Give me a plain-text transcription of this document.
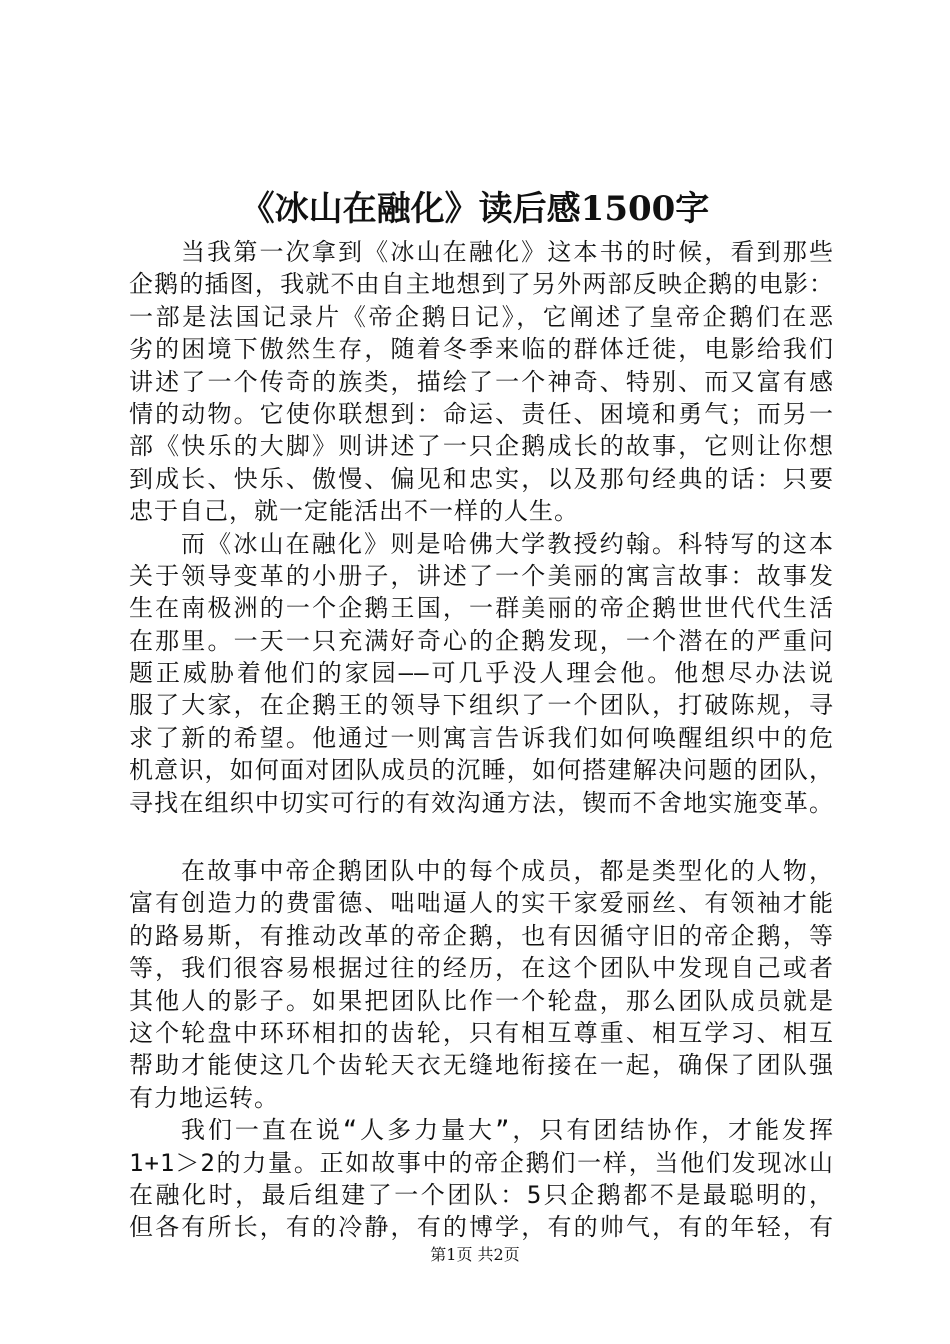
《冰山在融化》读后感1500字
当我第一次拿到《冰山在融化》这本书的时候，看到那些
企鹅的插图，我就不由自主地想到了另外两部反映企鹅的电影：
一部是法国记录片《帝企鹅日记》，它阐述了皇帝企鹅们在恶
劣的困境下傲然生存，随着冬季来临的群体迁徙，电影给我们
讲述了一个传奇的族类，描绘了一个神奇、特别、而又富有感
情的动物。它使你联想到：命运、责任、困境和勇气；而另一
部《快乐的大脚》则讲述了一只企鹅成长的故事，它则让你想
到成长、快乐、傲慢、偏见和忠实，以及那句经典的话：只要
忠于自己，就一定能活出不一样的人生。
而《冰山在融化》则是哈佛大学教授约翰。科特写的这本
关于领导变革的小册子，讲述了一个美丽的寓言故事：故事发
生在南极洲的一个企鹅王国，一群美丽的帝企鹅世世代代生活
在那里。一天一只充满好奇心的企鹅发现，一个潜在的严重问
题正威胁着他们的家园——可几乎没人理会他。他想尽办法说
服了大家，在企鹅王的领导下组织了一个团队，打破陈规，寻
求了新的希望。他通过一则寓言告诉我们如何唤醒组织中的危
机意识，如何面对团队成员的沉睡，如何搭建解决问题的团队，
寻找在组织中切实可行的有效沟通方法，锲而不舍地实施变革。
在故事中帝企鹅团队中的每个成员，都是类型化的人物，
富有创造力的费雷德、咄咄逼人的实干家爱丽丝、有领袖才能
的路易斯，有推动改革的帝企鹅，也有因循守旧的帝企鹅，等
等，我们很容易根据过往的经历，在这个团队中发现自己或者
其他人的影子。如果把团队比作一个轮盘，那么团队成员就是
这个轮盘中环环相扣的齿轮，只有相互尊重、相互学习、相互
帮助才能使这几个齿轮天衣无缝地衔接在一起，确保了团队强
有力地运转。
我们一直在说“人多力量大”，只有团结协作，才能发挥
1+1＞2的力量。正如故事中的帝企鹅们一样，当他们发现冰山
在融化时，最后组建了一个团队：5只企鹅都不是最聪明的，
但各有所长，有的冷静，有的博学，有的帅气，有的年轻，有
第1页 共2页
